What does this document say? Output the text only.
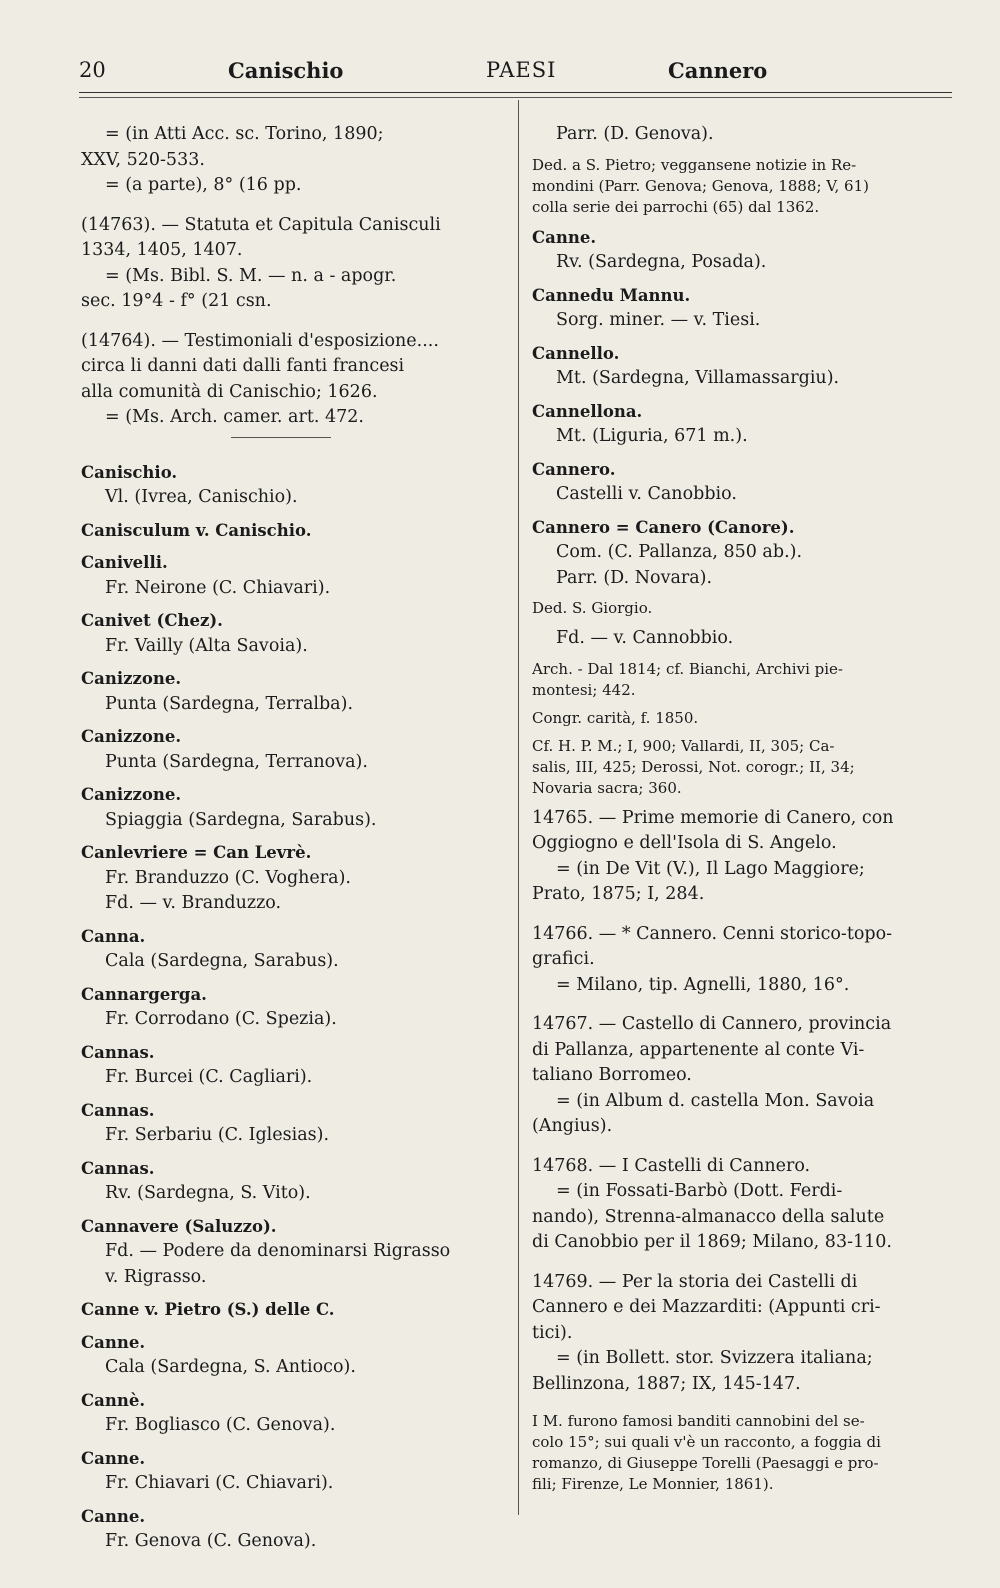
20	Canischio	PAESI	Cannero
= (in Atti Acc. sc. Torino, 1890;
XXV, 520-533.
= (a parte), 8° (16 pp.
(14763). — Statuta et Capitula Canisculi
1334, 1405, 1407.
= (Ms. Bibl. S. M. — n. a - apogr.
sec. 19°4 - f° (21 csn.
(14764). — Testimoniali d'esposizione....
circa li danni dati dalli fanti francesi
alla comunità di Canischio; 1626.
= (Ms. Arch. camer. art. 472.
Canischio.
Vl. (Ivrea, Canischio).
Canisculum v. Canischio.
Canivelli.
Fr. Neirone (C. Chiavari).
Canivet (Chez).
Fr. Vailly (Alta Savoia).
Canizzone.
Punta (Sardegna, Terralba).
Canizzone.
Punta (Sardegna, Terranova).
Canizzone.
Spiaggia (Sardegna, Sarabus).
Canlevriere = Can Levrè.
Fr. Branduzzo (C. Voghera).
Fd. — v. Branduzzo.
Canna.
Cala (Sardegna, Sarabus).
Cannargerga.
Fr. Corrodano (C. Spezia).
Cannas.
Fr. Burcei (C. Cagliari).
Cannas.
Fr. Serbariu (C. Iglesias).
Cannas.
Rv. (Sardegna, S. Vito).
Cannavere (Saluzzo).
Fd. — Podere da denominarsi Rigrasso
v. Rigrasso.
Canne v. Pietro (S.) delle C.
Canne.
Cala (Sardegna, S. Antioco).
Cannè.
Fr. Bogliasco (C. Genova).
Canne.
Fr. Chiavari (C. Chiavari).
Canne.
Fr. Genova (C. Genova).
Parr. (D. Genova).
Ded. a S. Pietro; veggansene notizie in Re-
mondini (Parr. Genova; Genova, 1888; V, 61)
colla serie dei parrochi (65) dal 1362.
Canne.
Rv. (Sardegna, Posada).
Cannedu Mannu.
Sorg. miner. — v. Tiesi.
Cannello.
Mt. (Sardegna, Villamassargiu).
Cannellona.
Mt. (Liguria, 671 m.).
Cannero.
Castelli v. Canobbio.
Cannero = Canero (Canore).
Com. (C. Pallanza, 850 ab.).
Parr. (D. Novara).
Ded. S. Giorgio.
Fd. — v. Cannobbio.
Arch. - Dal 1814; cf. Bianchi, Archivi pie-
montesi; 442.
Congr. carità, f. 1850.
Cf. H. P. M.; I, 900; Vallardi, II, 305; Ca-
salis, III, 425; Derossi, Not. corogr.; II, 34;
Novaria sacra; 360.
14765. — Prime memorie di Canero, con
Oggiogno e dell'Isola di S. Angelo.
= (in De Vit (V.), Il Lago Maggiore;
Prato, 1875; I, 284.
14766. — * Cannero. Cenni storico-topo-
grafici.
= Milano, tip. Agnelli, 1880, 16°.
14767. — Castello di Cannero, provincia
di Pallanza, appartenente al conte Vi-
taliano Borromeo.
= (in Album d. castella Mon. Savoia
(Angius).
14768. — I Castelli di Cannero.
= (in Fossati-Barbò (Dott. Ferdi-
nando), Strenna-almanacco della salute
di Canobbio per il 1869; Milano, 83-110.
14769. — Per la storia dei Castelli di
Cannero e dei Mazzarditi: (Appunti cri-
tici).
= (in Bollett. stor. Svizzera italiana;
Bellinzona, 1887; IX, 145-147.
I M. furono famosi banditi cannobini del se-
colo 15°; sui quali v'è un racconto, a foggia di
romanzo, di Giuseppe Torelli (Paesaggi e pro-
fili; Firenze, Le Monnier, 1861).
